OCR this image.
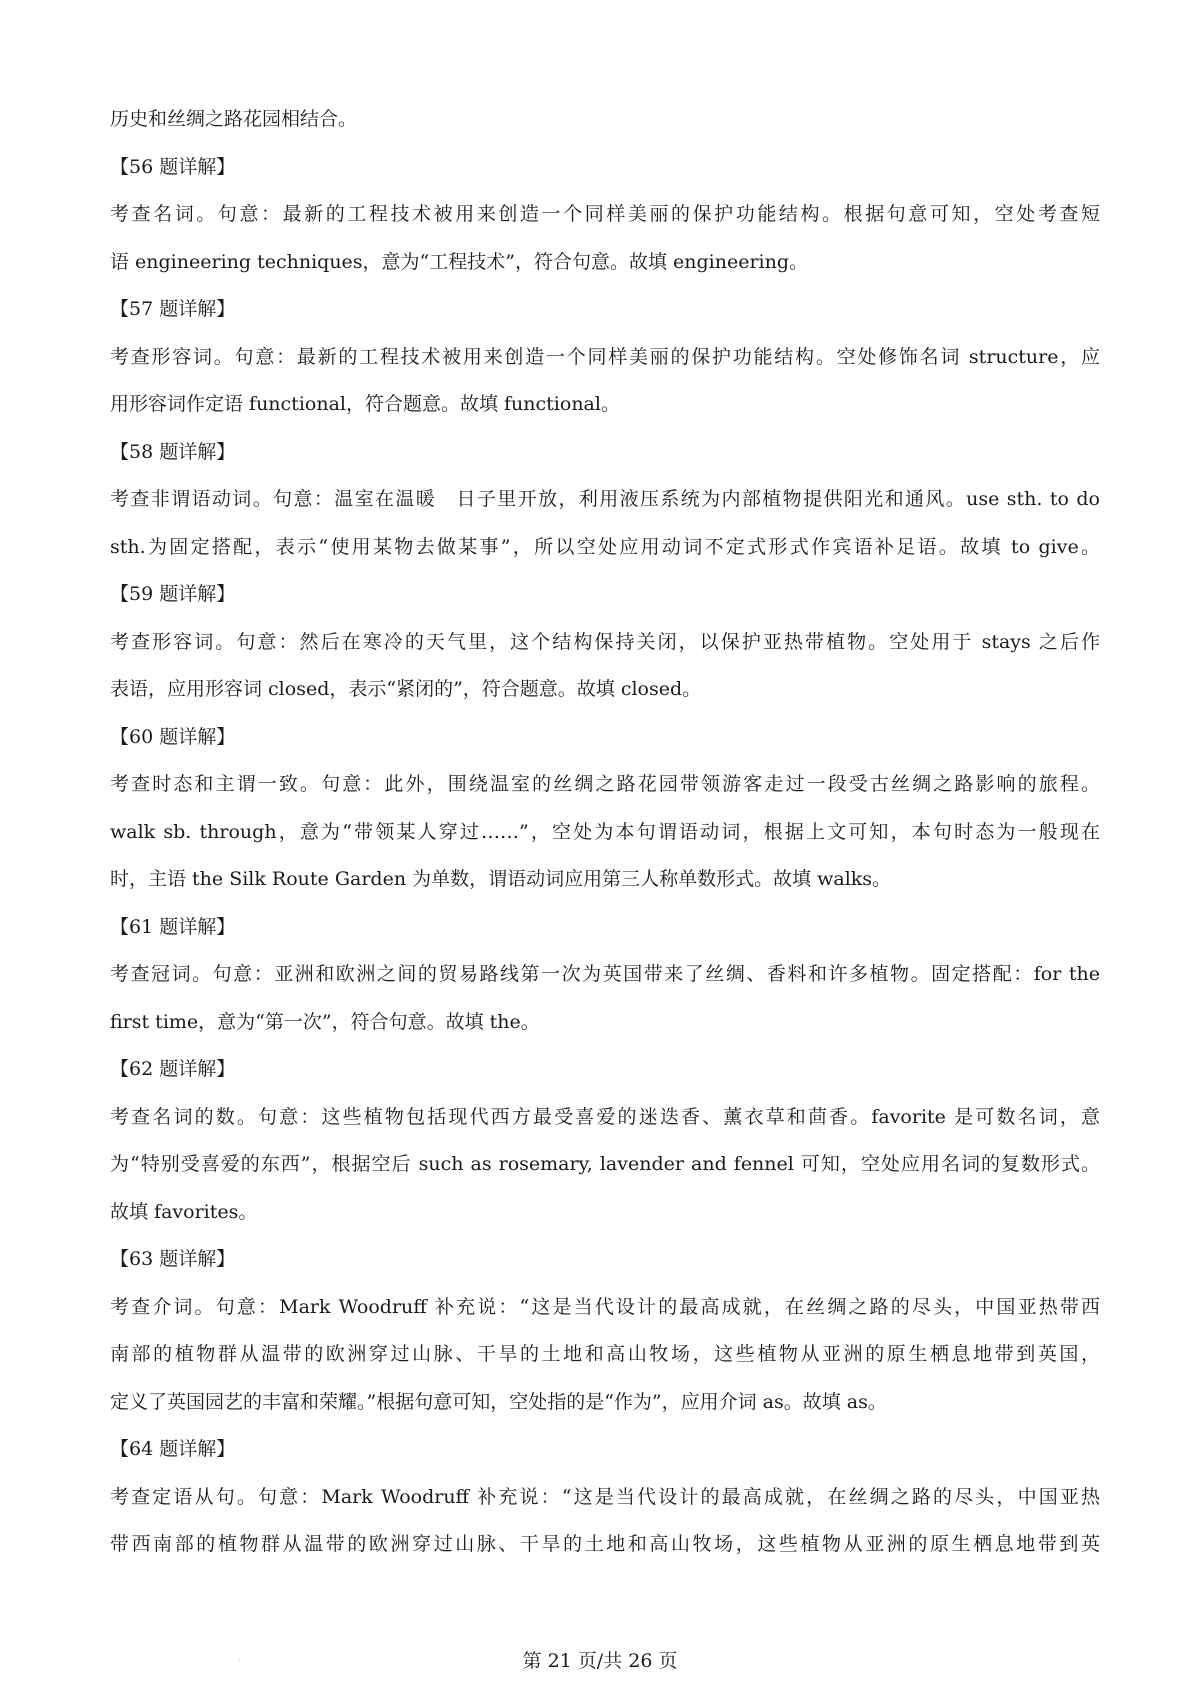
历史和丝绸之路花园相结合。
【56 题详解】
考查名词。句意：最新的工程技术被用来创造一个同样美丽的保护功能结构。根据句意可知，空处考查短
语 engineering techniques，意为“工程技术”，符合句意。故填 engineering。
【57 题详解】
考查形容词。句意：最新的工程技术被用来创造一个同样美丽的保护功能结构。空处修饰名词 structure，应
用形容词作定语 functional，符合题意。故填 functional。
【58 题详解】
考查非谓语动词。句意：温室在温暖　日子里开放，利用液压系统为内部植物提供阳光和通风。use sth. to do
sth.为固定搭配，表示“使用某物去做某事”，所以空处应用动词不定式形式作宾语补足语。故填 to give。
【59 题详解】
考查形容词。句意：然后在寒冷的天气里，这个结构保持关闭，以保护亚热带植物。空处用于 stays 之后作
表语，应用形容词 closed，表示“紧闭的”，符合题意。故填 closed。
【60 题详解】
考查时态和主谓一致。句意：此外，围绕温室的丝绸之路花园带领游客走过一段受古丝绸之路影响的旅程。
walk sb. through，意为“带领某人穿过……”，空处为本句谓语动词，根据上文可知，本句时态为一般现在
时，主语 the Silk Route Garden 为单数，谓语动词应用第三人称单数形式。故填 walks。
【61 题详解】
考查冠词。句意：亚洲和欧洲之间的贸易路线第一次为英国带来了丝绸、香料和许多植物。固定搭配：for the
first time，意为“第一次”，符合句意。故填 the。
【62 题详解】
考查名词的数。句意：这些植物包括现代西方最受喜爱的迷迭香、薰衣草和茴香。favorite 是可数名词，意
为“特别受喜爱的东西”，根据空后 such as rosemary, lavender and fennel 可知，空处应用名词的复数形式。
故填 favorites。
【63 题详解】
考查介词。句意：Mark Woodruff 补充说：“这是当代设计的最高成就，在丝绸之路的尽头，中国亚热带西
南部的植物群从温带的欧洲穿过山脉、干旱的土地和高山牧场，这些植物从亚洲的原生栖息地带到英国，
定义了英国园艺的丰富和荣耀。”根据句意可知，空处指的是“作为”，应用介词 as。故填 as。
【64 题详解】
考查定语从句。句意：Mark Woodruff 补充说：“这是当代设计的最高成就，在丝绸之路的尽头，中国亚热
带西南部的植物群从温带的欧洲穿过山脉、干旱的土地和高山牧场，这些植物从亚洲的原生栖息地带到英
·	第 21 页/共 26 页
